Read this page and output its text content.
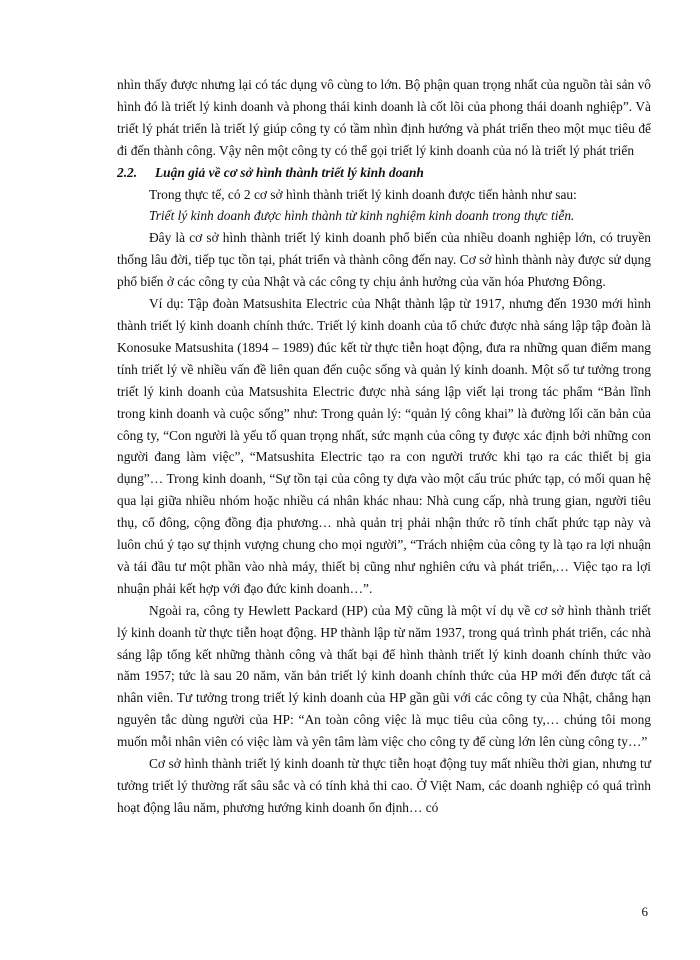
nhìn thấy được nhưng lại có tác dụng vô cùng to lớn. Bộ phận quan trọng nhất của nguồn tài sản vô hình đó là triết lý kinh doanh và phong thái kinh doanh là cốt lõi của phong thái doanh nghiệp”. Và triết lý phát triển là triết lý giúp công ty có tầm nhìn định hướng và phát triển theo một mục tiêu để đi đến thành công. Vậy nên một công ty có thể gọi triết lý kinh doanh của nó là triết lý phát triển

2.2. Luận giả về cơ sở hình thành triết lý kinh doanh

Trong thực tế, có 2 cơ sở hình thành triết lý kinh doanh được tiến hành như sau:

Triết lý kinh doanh được hình thành từ kinh nghiệm kinh doanh trong thực tiễn.

Đây là cơ sở hình thành triết lý kinh doanh phổ biến của nhiều doanh nghiệp lớn, có truyền thống lâu đời, tiếp tục tồn tại, phát triển và thành công đến nay. Cơ sở hình thành này được sử dụng phổ biến ở các công ty của Nhật và các công ty chịu ảnh hưởng của văn hóa Phương Đông.

Ví dụ: Tập đoàn Matsushita Electric của Nhật thành lập từ 1917, nhưng đến 1930 mới hình thành triết lý kinh doanh chính thức. Triết lý kinh doanh của tổ chức được nhà sáng lập tập đoàn là Konosuke Matsushita (1894 – 1989) đúc kết từ thực tiễn hoạt động, đưa ra những quan điểm mang tính triết lý về nhiều vấn đề liên quan đến cuộc sống và quản lý kinh doanh. Một số tư tưởng trong triết lý kinh doanh của Matsushita Electric được nhà sáng lập viết lại trong tác phẩm “Bản lĩnh trong kinh doanh và cuộc sống” như: Trong quản lý: “quản lý công khai” là đường lối căn bản của công ty, “Con người là yếu tố quan trọng nhất, sức mạnh của công ty được xác định bởi những con người đang làm việc”, “Matsushita Electric tạo ra con người trước khi tạo ra các thiết bị gia dụng”… Trong kinh doanh, “Sự tồn tại của công ty dựa vào một cấu trúc phức tạp, có mối quan hệ qua lại giữa nhiều nhóm hoặc nhiều cá nhân khác nhau: Nhà cung cấp, nhà trung gian, người tiêu thụ, cổ đông, cộng đồng địa phương… nhà quản trị phải nhận thức rõ tính chất phức tạp này và luôn chú ý tạo sự thịnh vượng chung cho mọi người”, “Trách nhiệm của công ty là tạo ra lợi nhuận và tái đầu tư một phần vào nhà máy, thiết bị cũng như nghiên cứu và phát triển,… Việc tạo ra lợi nhuận phải kết hợp với đạo đức kinh doanh…”.

Ngoài ra, công ty Hewlett Packard (HP) của Mỹ cũng là một ví dụ về cơ sở hình thành triết lý kinh doanh từ thực tiễn hoạt động. HP thành lập từ năm 1937, trong quá trình phát triển, các nhà sáng lập tổng kết những thành công và thất bại để hình thành triết lý kinh doanh chính thức vào năm 1957; tức là sau 20 năm, văn bản triết lý kinh doanh chính thức của HP mới đến được tất cả nhân viên. Tư tưởng trong triết lý kinh doanh của HP gần gũi với các công ty của Nhật, chẳng hạn nguyên tắc dùng người của HP: “An toàn công việc là mục tiêu của công ty,… chúng tôi mong muốn mỗi nhân viên có việc làm và yên tâm làm việc cho công ty để cùng lớn lên cùng công ty…”

Cơ sở hình thành triết lý kinh doanh từ thực tiễn hoạt động tuy mất nhiều thời gian, nhưng tư tưởng triết lý thường rất sâu sắc và có tính khả thi cao. Ở Việt Nam, các doanh nghiệp có quá trình hoạt động lâu năm, phương hướng kinh doanh ổn định… có

6
